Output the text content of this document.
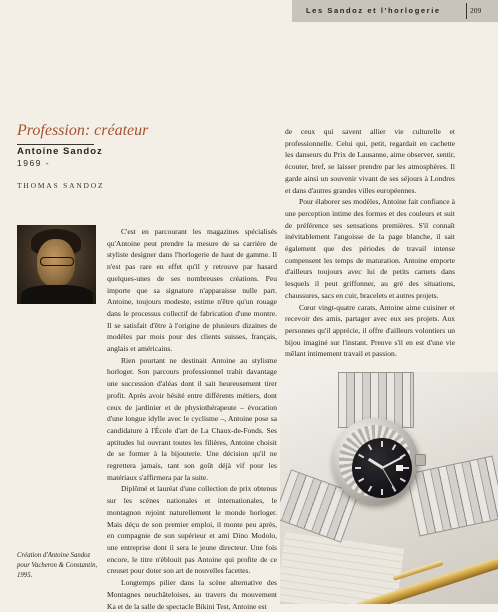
Les Sandoz et l'horlogerie	209
Profession: créateur
Antoine Sandoz
1969 -
THOMAS SANDOZ

C'est en parcourant les magazines spécialisés qu'Antoine peut prendre la mesure de sa carrière de styliste designer dans l'horlogerie de haut de gamme. Il n'est pas rare en effet qu'il y retrouve par hasard quelques-unes de ses nombreuses créations. Peu importe que sa signature n'apparaisse nulle part. Antoine, toujours modeste, estime n'être qu'un rouage dans le processus collectif de fabrication d'une montre. Il se satisfait d'être à l'origine de plusieurs dizaines de modèles par mois pour des clients suisses, français, anglais et américains.

Rien pourtant ne destinait Antoine au stylisme horloger. Son parcours professionnel trahit davantage une succession d'aléas dont il sait heureusement tirer profit. Après avoir hésité entre différents métiers, dont ceux de jardinier et de physiothérapeute – évocation d'une longue idylle avec le cyclisme –, Antoine pose sa candidature à l'École d'art de La Chaux-de-Fonds. Ses aptitudes lui ouvrant toutes les filières, Antoine choisit de se former à la bijouterie. Une décision qu'il ne regrettera jamais, tant son goût déjà vif pour les matériaux s'affirmera par la suite.

Diplômé et lauréat d'une collection de prix obtenus sur les scènes nationales et internationales, le montagnon rejoint naturellement le monde horloger. Mais déçu de son premier emploi, il monte peu après, en compagnie de son supérieur et ami Dino Modolo, une entreprise dont il sera le jeune directeur. Une fois encore, le titre n'éblouit pas Antoine qui profite de ce creuset pour doter son art de nouvelles facettes.

Longtemps pilier dans la scène alternative des Montagnes neuchâteloises, au travers du mouvement Ka et de la salle de spectacle Bikini Test, Antoine est

de ceux qui savent allier vie culturelle et professionnelle. Celui qui, petit, regardait en cachette les danseurs du Prix de Lausanne, aime observer, sentir, écouter, bref, se laisser prendre par les atmosphères. Il garde ainsi un souvenir vivant de ses séjours à Londres et dans d'autres grandes villes européennes.

Pour élaborer ses modèles, Antoine fait confiance à une perception intime des formes et des couleurs et suit de préférence ses sensations premières. S'il connaît inévitablement l'angoisse de la page blanche, il sait également que des périodes de travail intense compensent les temps de maturation. Antoine emporte d'ailleurs toujours avec lui de petits carnets dans lesquels il peut griffonner, au gré des situations, chaussures, sacs en cuir, bracelets et autres projets.

Cœur vingt-quatre carats, Antoine aime cuisiner et recevoir des amis, partager avec eux ses projets. Aux personnes qu'il apprécie, il offre d'ailleurs volontiers un bijou imaginé sur l'instant. Preuve s'il en est d'une vie mêlant intimement travail et passion.

Création d'Antoine Sandoz pour Vacheron & Constantin, 1995.
